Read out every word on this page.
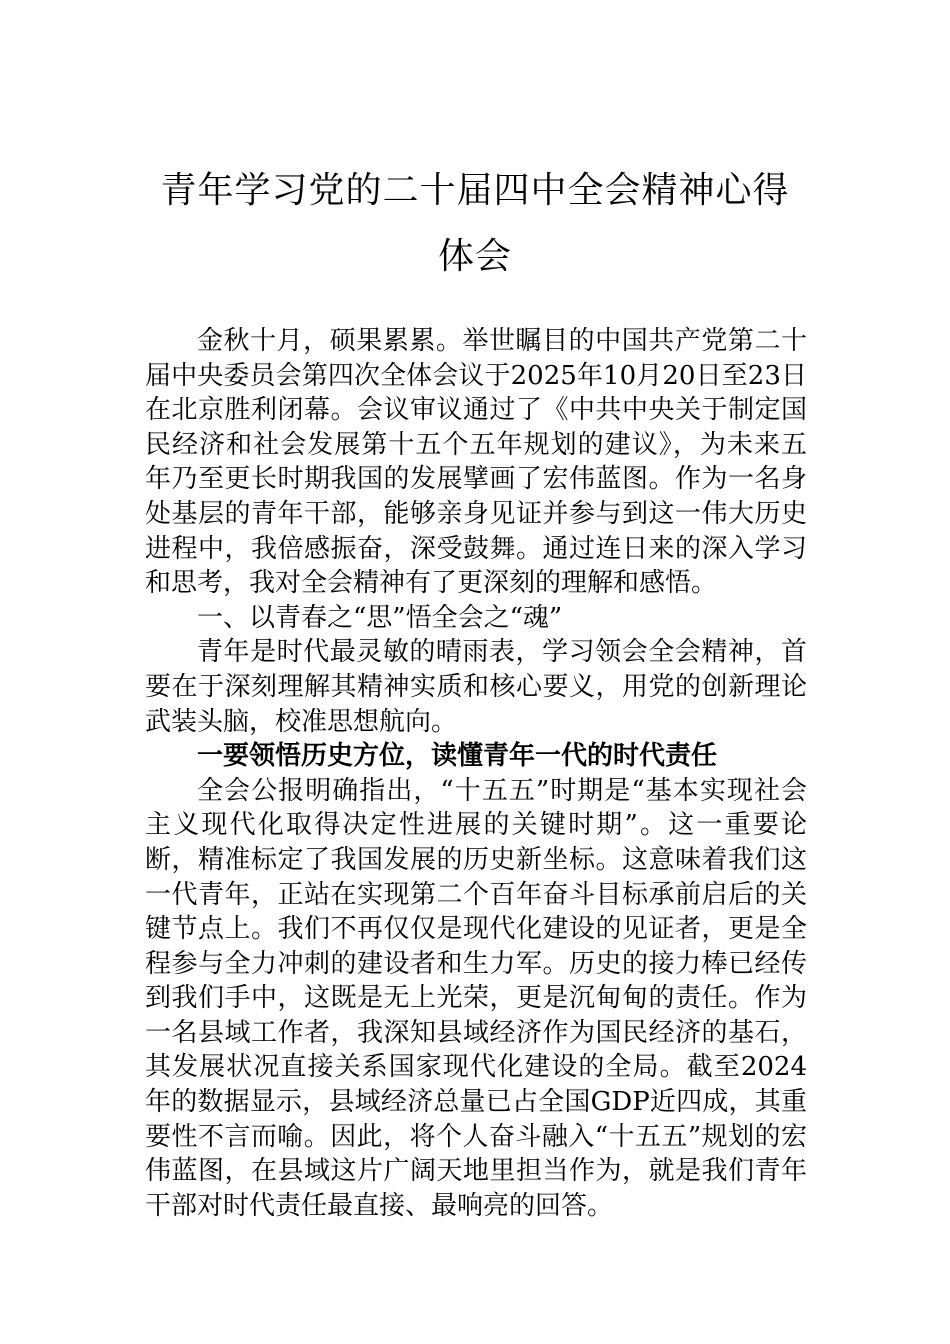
青年学习党的二十届四中全会精神心得体会

金秋十月，硕果累累。举世瞩目的中国共产党第二十届中央委员会第四次全体会议于2025年10月20日至23日在北京胜利闭幕。会议审议通过了《中共中央关于制定国民经济和社会发展第十五个五年规划的建议》，为未来五年乃至更长时期我国的发展擘画了宏伟蓝图。作为一名身处基层的青年干部，能够亲身见证并参与到这一伟大历史进程中，我倍感振奋，深受鼓舞。通过连日来的深入学习和思考，我对全会精神有了更深刻的理解和感悟。

一、以青春之“思”悟全会之“魂”

青年是时代最灵敏的晴雨表，学习领会全会精神，首要在于深刻理解其精神实质和核心要义，用党的创新理论武装头脑，校准思想航向。

一要领悟历史方位，读懂青年一代的时代责任

全会公报明确指出，“十五五”时期是“基本实现社会主义现代化取得决定性进展的关键时期”。这一重要论断，精准标定了我国发展的历史新坐标。这意味着我们这一代青年，正站在实现第二个百年奋斗目标承前启后的关键节点上。我们不再仅仅是现代化建设的见证者，更是全程参与全力冲刺的建设者和生力军。历史的接力棒已经传到我们手中，这既是无上光荣，更是沉甸甸的责任。作为一名县域工作者，我深知县域经济作为国民经济的基石，其发展状况直接关系国家现代化建设的全局。截至2024年的数据显示，县域经济总量已占全国GDP近四成，其重要性不言而喻。因此，将个人奋斗融入“十五五”规划的宏伟蓝图，在县域这片广阔天地里担当作为，就是我们青年干部对时代责任最直接、最响亮的回答。
